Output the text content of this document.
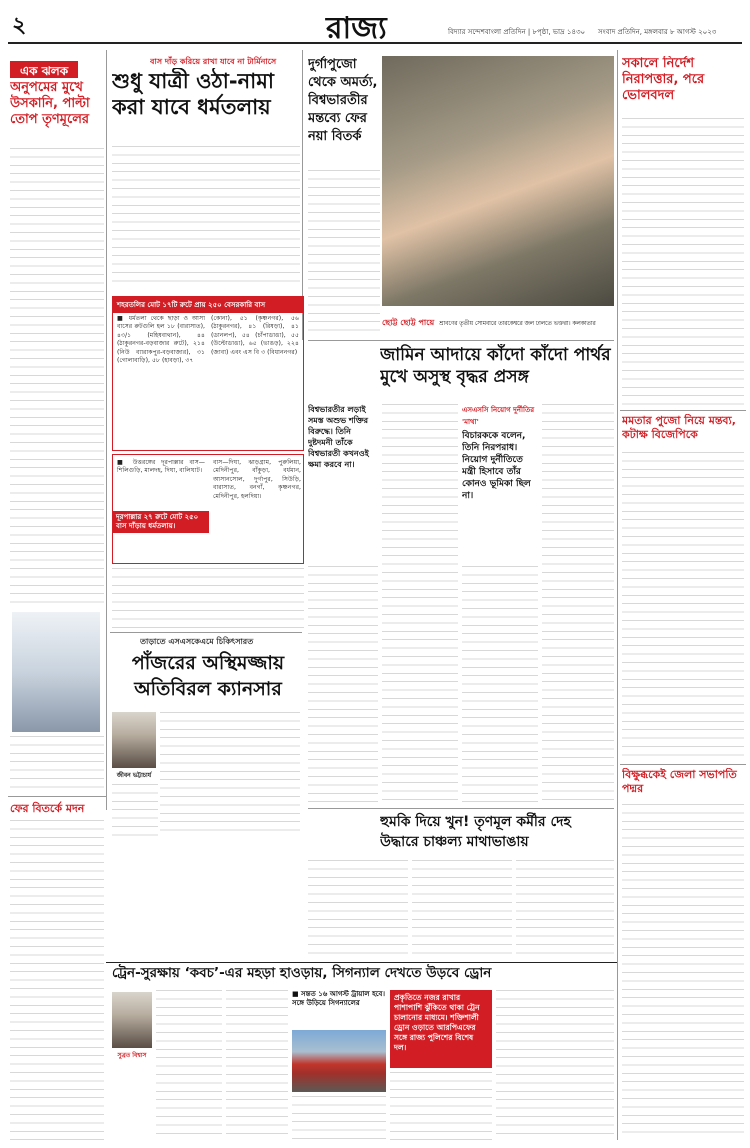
২	রাজ্য	বিদ্যার সন্দেশবাংলা প্রতিদিন | ৮পৃষ্ঠা, ভাদ্র ১৪৩০ সংবাদ প্রতিদিন, মঙ্গলবার ৮ আগস্ট ২০২৩
এক ঝলক
অনুপমের মুখে উসকানি, পাল্টা তোপ তৃণমূলের
ফের বিতর্কে মদন
বাস দাঁড় করিয়ে রাখা যাবে না টার্মিনাসে
শুধু যাত্রী ওঠা-নামা করা যাবে ধর্মতলায়
শহরতলির মোট ১৭টি রুটে প্রায় ২৫০ বেসরকারি বাস
■ ধর্মতলা থেকে ছাড়া ও আসা বাসের রুটগুলি হল ১৮ (বারাসাত), ৪৩/১ (মহিষবাথান), ৪৪ (ঠাকুরনগর-বড়বাজার রুটে), ২১৪ (নিউ ব্যারাকপুর-বড়বাজার), ৩১ (গোলাবাড়ি), ৫৮ (হাবড়া), ৩৭
(কোনা), ৫১ (কৃষ্ণনগর), ৫৬ (ঠাকুরনগর), ৪১ (রিষড়া), ৪১ (ডানলপ), ৫৪ (চাঁপাডাঙা), ৫৫ (উল্টোডাঙা), ৬৫ (ভাঙড়), ২২৪ (জাবা) এবং এস বি ৩ (বিধাননগর)
■ উত্তরঙ্গের দূরপাল্লার বাস—শিলিগুড়ি, মালদহ, দিঘা, বালিঘাট।
দূরপাল্লার ২৭ রুটে মোট ২৫০ বাস দাঁড়ায় ধর্মতলায়।
বাস—দিঘা, ঝাড়গ্রাম, পুরুলিয়া, মেদিনীপুর, বাঁকুড়া, বর্ধমান, আসানসোল, দুর্গাপুর, সিউড়ি, বারাসাত, বনগাঁ, কৃষ্ণনগর, মেদিনীপুর, হলদিয়া।
তাড়াতে এসএসকেএমে চিকিৎসারত
পাঁজরের অস্থিমজ্জায় অতিবিরল ক্যানসার
জীবন ভট্টাচার্য
দুর্গাপুজো থেকে অমর্ত্য, বিশ্বভারতীর মন্তব্যে ফের নয়া বিতর্ক
ছোট্ট ছোট্ট পায়ে শ্রাবণের তৃতীয় সোমবারে তারকেশ্বরে জল ঢালতে ভক্তরা। কলকাতার
জামিন আদায়ে কাঁদো কাঁদো পার্থর মুখে অসুস্থ বৃদ্ধর প্রসঙ্গ
বিশ্বভারতীর লড়াই সমস্ত অশুভ শক্তির বিরুদ্ধে। তিনি দুষ্টদমনী তাঁকে বিশ্বভারতী কখনওই ক্ষমা করবে না।
এসএসসি নিয়োগ দুর্নীতির 'মাথা'
বিচারককে বলেন, তিনি নিরপরাধ। নিয়োগ দুর্নীতিতে মন্ত্রী হিসাবে তাঁর কোনও ভূমিকা ছিল না।
হুমকি দিয়ে খুন! তৃণমূল কর্মীর দেহ উদ্ধারে চাঞ্চল্য মাথাভাঙায়
সকালে নির্দেশ নিরাপত্তার, পরে ভোলবদল
মমতার পুজো নিয়ে মন্তব্য, কটাক্ষ বিজেপিকে
বিক্ষুব্ধকেই জেলা সভাপতি পদ্মর
ট্রেন-সুরক্ষায় ‘কবচ’-এর মহড়া হাওড়ায়, সিগন্যাল দেখতে উড়বে ড্রোন
সুব্রত বিশ্বাস
■ সন্তত ১৬ আগস্ট ট্রায়াল হবে। সঙ্গে উড়িয়ে সিগন্যালের
প্রকৃতিতে নজর রাখার পাশাপাশি ঝুঁকিতে থাকা ট্রেন চালানোর মাধ্যমে। শক্তিশালী ড্রোন ওড়াতে আরপিএফের সঙ্গে রাজ্য পুলিশের বিশেষ দল।
